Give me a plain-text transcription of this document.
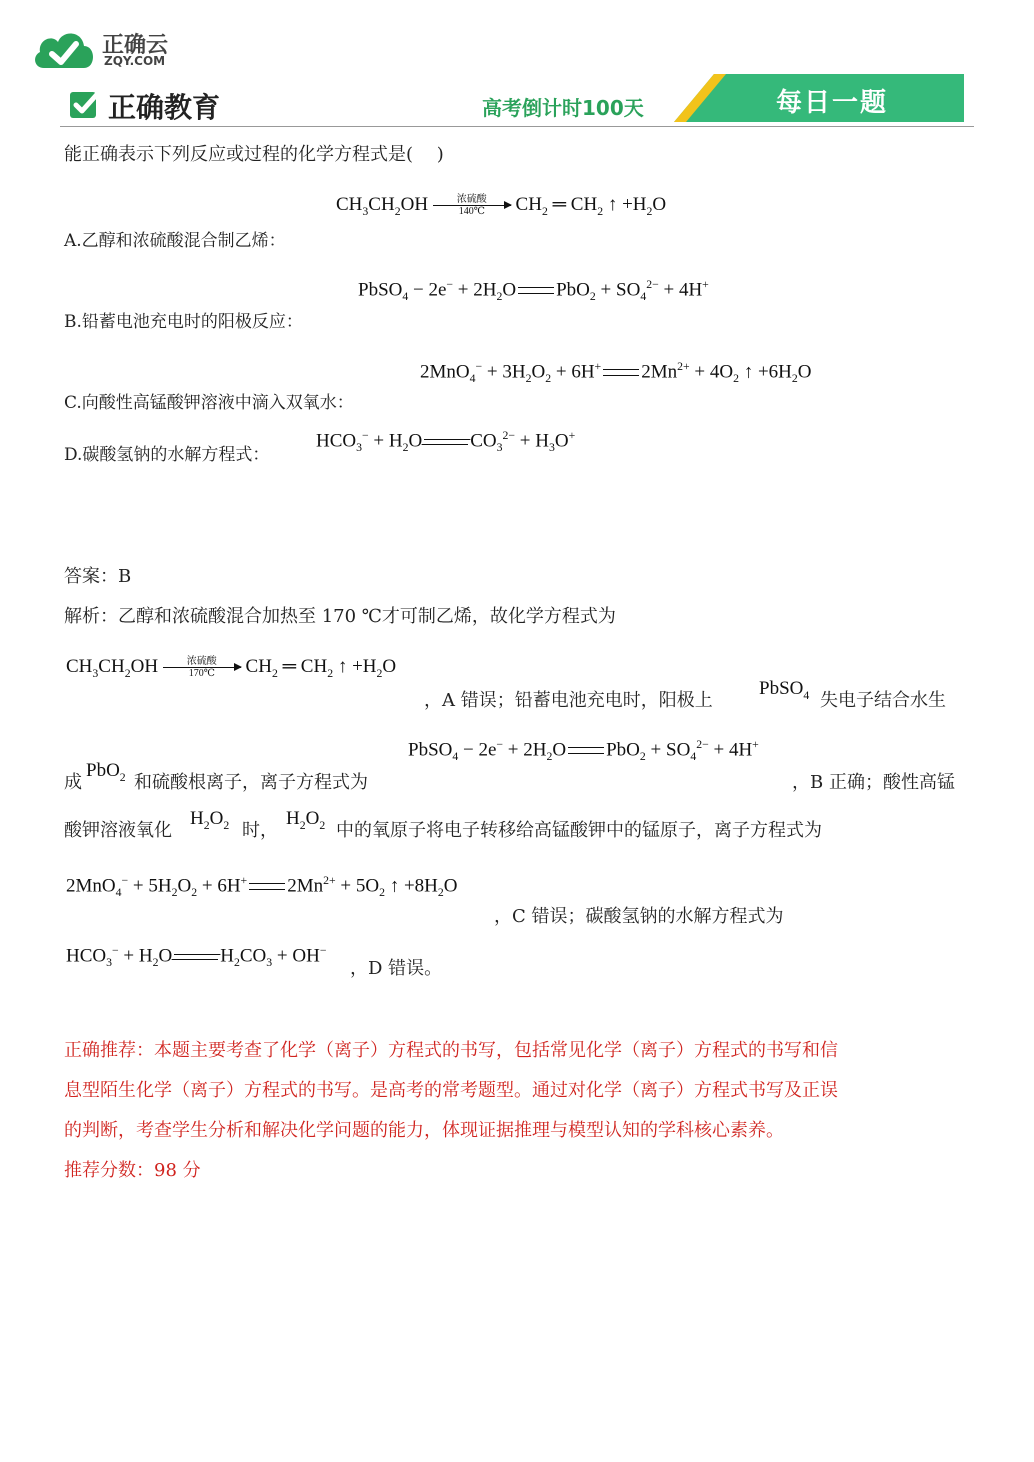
正确云
ZQY.COM
正确教育	高考倒计时100天	每日一题
能正确表示下列反应或过程的化学方程式是(　 )
A.乙醇和浓硫酸混合制乙烯：
$CH_3CH_2OH$	浓硫酸
140℃	$CH_2$ ═ $CH_2$ ↑ $+H_2O$
B.铅蓄电池充电时的阳极反应：
PbSO$_4$ − $2e^- + 2H_2O$ $PbO_2 + SO_4^{2-} + 4H^+$
C.向酸性高锰酸钾溶液中滴入双氧水：
$2MnO_4^- + 3H_2O_2 + 6H^+$ $2Mn^{2+} + 4O_2$ ↑ $+6H_2O$
D.碳酸氢钠的水解方程式：
$HCO_3^- + H_2O$	$CO_3^{2-} + H_3O^+$
答案：B
解析：乙醇和浓硫酸混合加热至 170 ℃才可制乙烯，故化学方程式为
$CH_3CH_2OH$	浓硫酸
170℃	$CH_2$ ═ $CH_2$ ↑ $+H_2O$
，A 错误；铅蓄电池充电时，阳极上
PbSO$_4$ 失电子结合水生
PbSO$_4$ − $2e^- + 2H_2O$ $PbO_2 + SO_4^{2-} + 4H^+$
成
PbO$_2$ 和硫酸根离子，离子方程式为	，B 正确；酸性高锰
酸钾溶液氧化
$H_2O_2$ 时，
$H_2O_2$ 中的氧原子将电子转移给高锰酸钾中的锰原子，离子方程式为
$2MnO_4^- + 5H_2O_2 + 6H^+$ $2Mn^{2+} + 5O_2$ ↑ $+8H_2O$
，C 错误；碳酸氢钠的水解方程式为
$HCO_3^- + H_2O$	$H_2CO_3 + OH^-$
，D 错误。
正确推荐：本题主要考查了化学（离子）方程式的书写，包括常见化学（离子）方程式的书写和信
息型陌生化学（离子）方程式的书写。是高考的常考题型。通过对化学（离子）方程式书写及正误
的判断，考查学生分析和解决化学问题的能力，体现证据推理与模型认知的学科核心素养。
推荐分数：98 分
